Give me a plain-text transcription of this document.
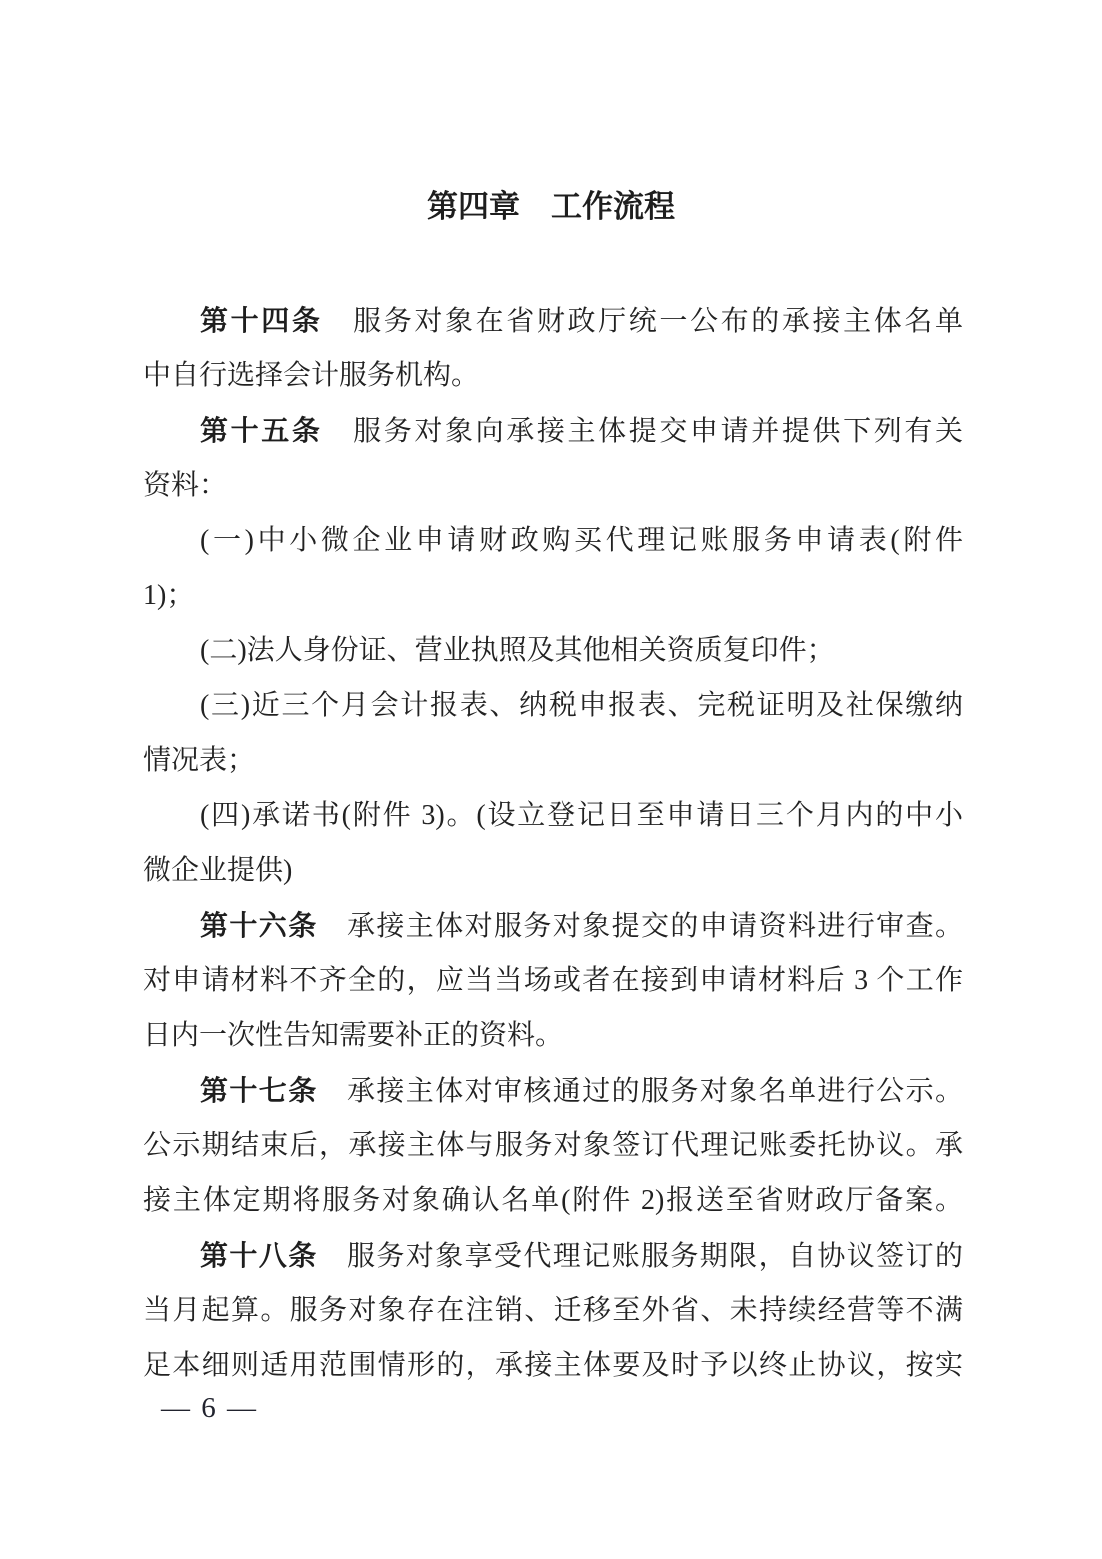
第四章　工作流程
第十四条　服务对象在省财政厅统一公布的承接主体名单
中自行选择会计服务机构。
第十五条　服务对象向承接主体提交申请并提供下列有关
资料：
(一)中小微企业申请财政购买代理记账服务申请表(附件
1)；
(二)法人身份证、营业执照及其他相关资质复印件；
(三)近三个月会计报表、纳税申报表、完税证明及社保缴纳
情况表；
(四)承诺书(附件 3)。(设立登记日至申请日三个月内的中小
微企业提供)
第十六条　承接主体对服务对象提交的申请资料进行审查。
对申请材料不齐全的，应当当场或者在接到申请材料后 3 个工作
日内一次性告知需要补正的资料。
第十七条　承接主体对审核通过的服务对象名单进行公示。
公示期结束后，承接主体与服务对象签订代理记账委托协议。承
接主体定期将服务对象确认名单(附件 2)报送至省财政厅备案。
第十八条　服务对象享受代理记账服务期限，自协议签订的
当月起算。服务对象存在注销、迁移至外省、未持续经营等不满
足本细则适用范围情形的，承接主体要及时予以终止协议，按实
— 6 —
